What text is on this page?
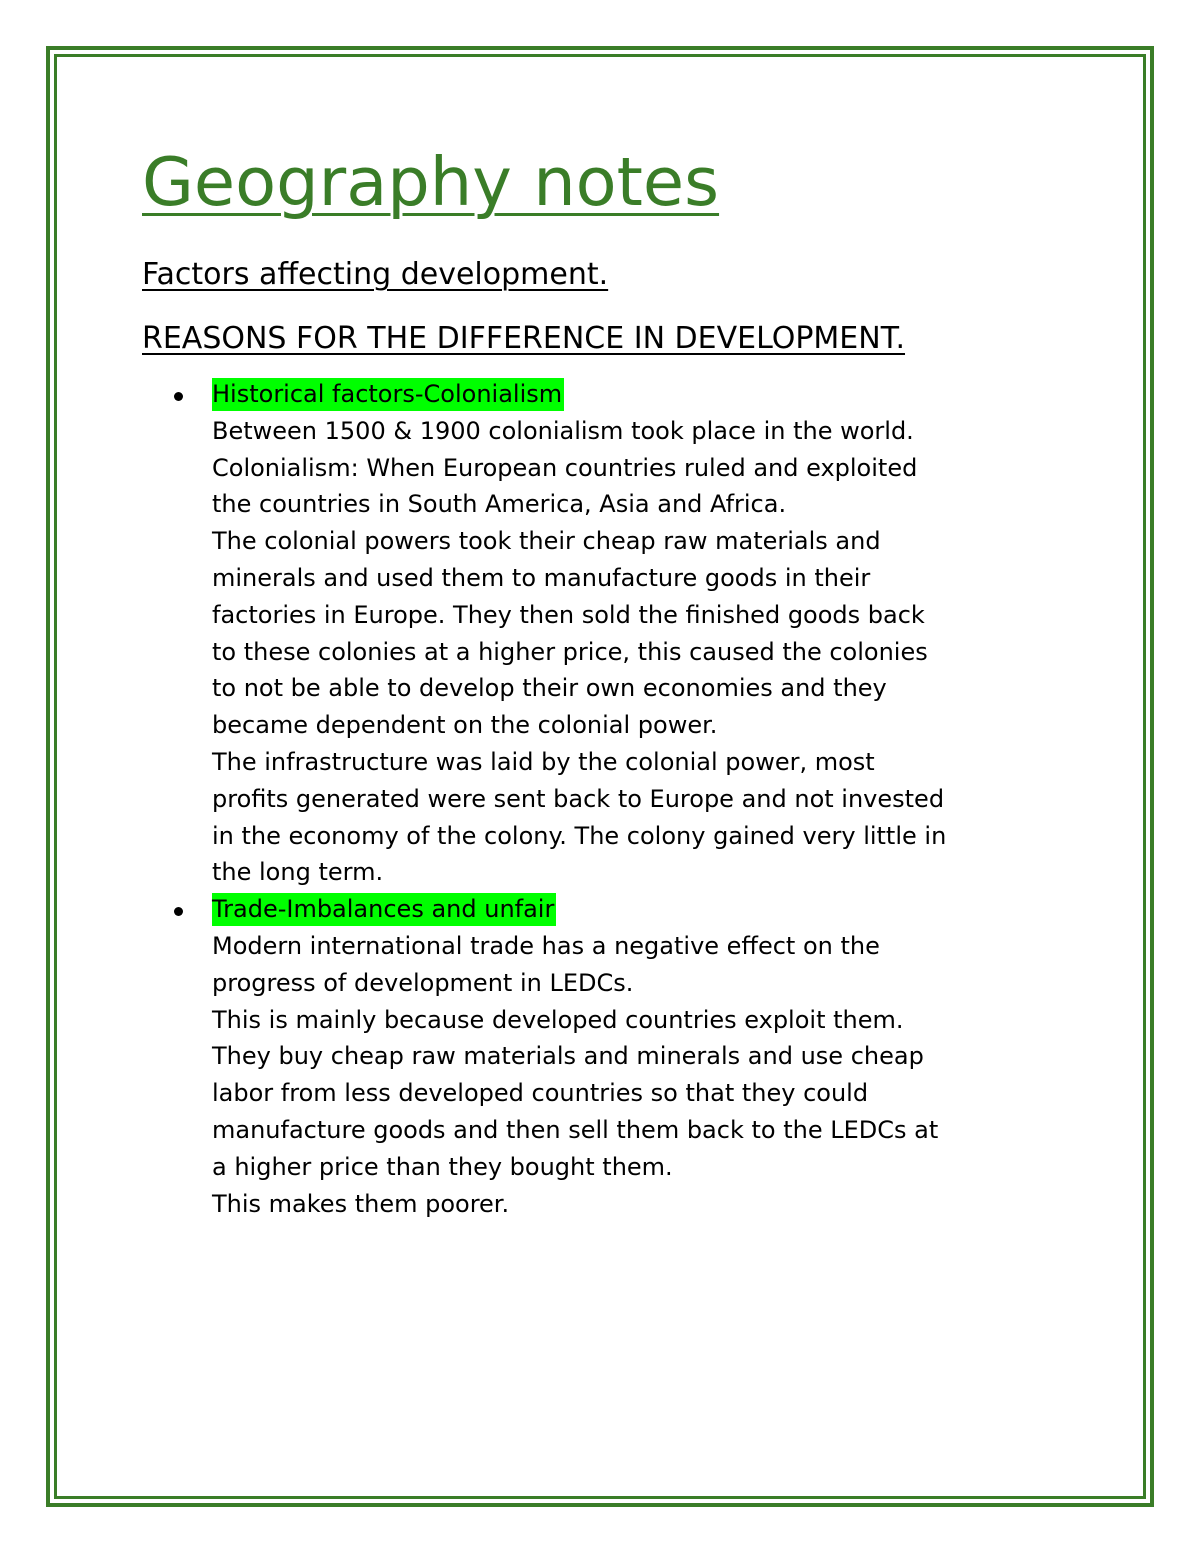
Geography notes

Factors affecting development.

REASONS FOR THE DIFFERENCE IN DEVELOPMENT.

Historical factors-Colonialism
Between 1500 & 1900 colonialism took place in the world.
Colonialism: When European countries ruled and exploited
the countries in South America, Asia and Africa.
The colonial powers took their cheap raw materials and
minerals and used them to manufacture goods in their
factories in Europe. They then sold the finished goods back
to these colonies at a higher price, this caused the colonies
to not be able to develop their own economies and they
became dependent on the colonial power.
The infrastructure was laid by the colonial power, most
profits generated were sent back to Europe and not invested
in the economy of the colony. The colony gained very little in
the long term.
Trade-Imbalances and unfair
Modern international trade has a negative effect on the
progress of development in LEDCs.
This is mainly because developed countries exploit them.
They buy cheap raw materials and minerals and use cheap
labor from less developed countries so that they could
manufacture goods and then sell them back to the LEDCs at
a higher price than they bought them.
This makes them poorer.
